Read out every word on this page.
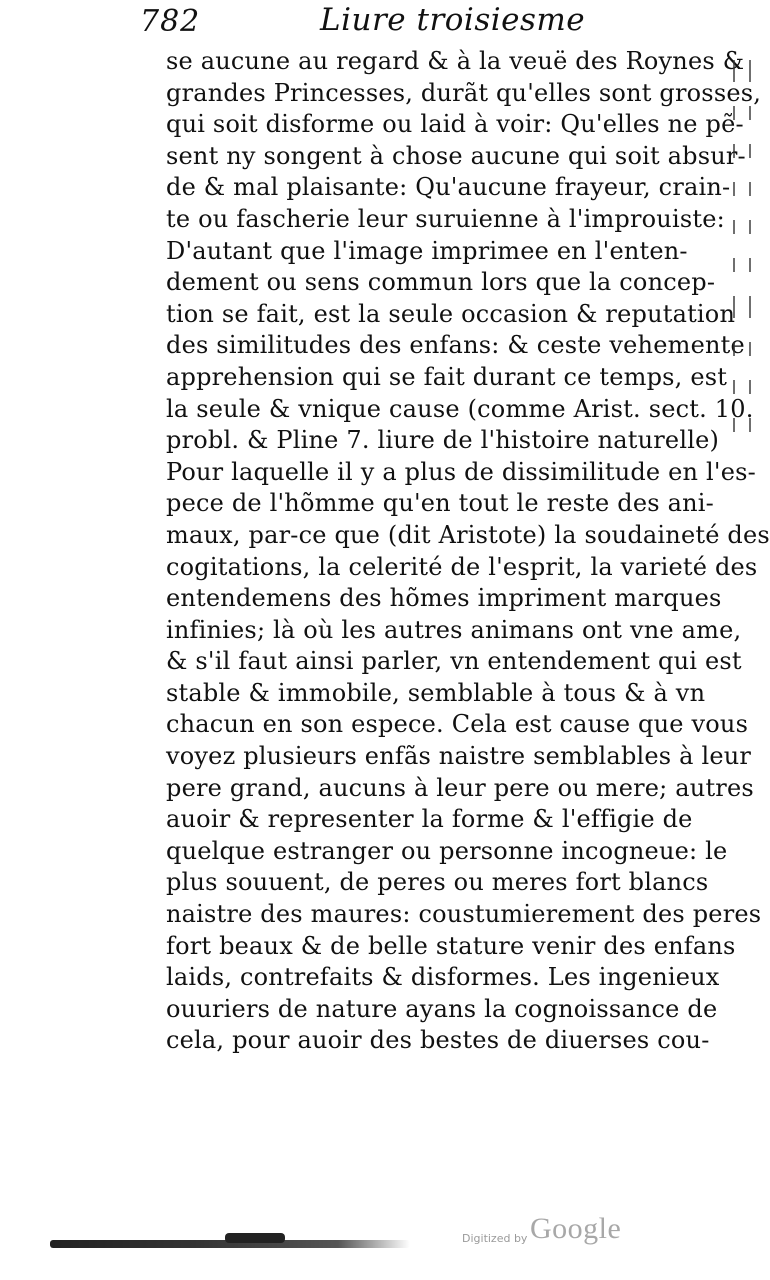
782	Liure troisiesme
se aucune au regard & à la veuë des Roynes &
grandes Princesses, durãt qu'elles sont grosses,
qui soit disforme ou laid à voir: Qu'elles ne pẽ-
sent ny songent à chose aucune qui soit absur-
de & mal plaisante: Qu'aucune frayeur, crain-
te ou fascherie leur suruienne à l'improuiste:
D'autant que l'image imprimee en l'enten-
dement ou sens commun lors que la concep-
tion se fait, est la seule occasion & reputation
des similitudes des enfans: & ceste vehemente
apprehension qui se fait durant ce temps, est
la seule & vnique cause (comme Arist. sect. 10.
probl. & Pline 7. liure de l'histoire naturelle)
Pour laquelle il y a plus de dissimilitude en l'es-
pece de l'hõmme qu'en tout le reste des ani-
maux, par-ce que (dit Aristote) la soudaineté des
cogitations, la celerité de l'esprit, la varieté des
entendemens des hõmes impriment marques
infinies; là où les autres animans ont vne ame,
& s'il faut ainsi parler, vn entendement qui est
stable & immobile, semblable à tous & à vn
chacun en son espece. Cela est cause que vous
voyez plusieurs enfãs naistre semblables à leur
pere grand, aucuns à leur pere ou mere; autres
auoir & representer la forme & l'effigie de
quelque estranger ou personne incogneue: le
plus souuent, de peres ou meres fort blancs
naistre des maures: coustumierement des peres
fort beaux & de belle stature venir des enfans
laids, contrefaits & disformes. Les ingenieux
ouuriers de nature ayans la cognoissance de
cela, pour auoir des bestes de diuerses cou-
Digitized by Google
